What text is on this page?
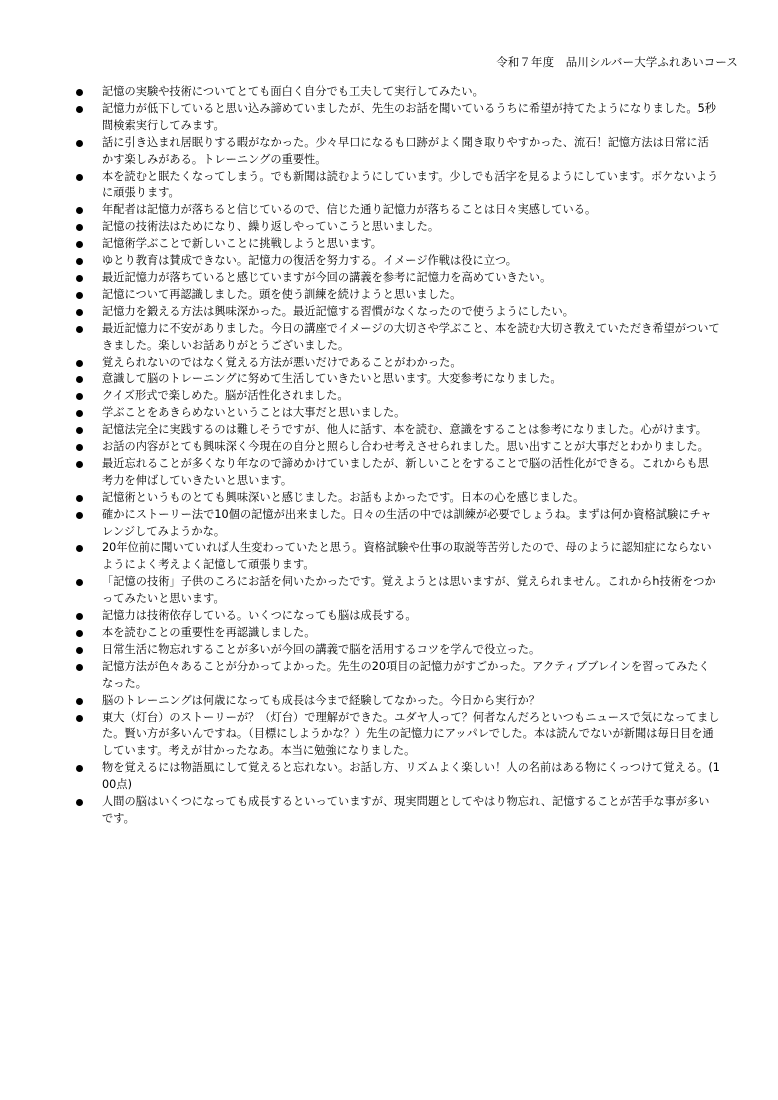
令和７年度　品川シルバー大学ふれあいコース
記憶の実験や技術についてとても面白く自分でも工夫して実行してみたい。
記憶力が低下していると思い込み諦めていましたが、先生のお話を聞いているうちに希望が持てたようになりました。5秒間検索実行してみます。
話に引き込まれ居眠りする暇がなかった。少々早口になるも口跡がよく聞き取りやすかった、流石！記憶方法は日常に活かす楽しみがある。トレーニングの重要性。
本を読むと眠たくなってしまう。でも新聞は読むようにしています。少しでも活字を見るようにしています。ボケないように頑張ります。
年配者は記憶力が落ちると信じているので、信じた通り記憶力が落ちることは日々実感している。
記憶の技術法はためになり、繰り返しやっていこうと思いました。
記憶術学ぶことで新しいことに挑戦しようと思います。
ゆとり教育は賛成できない。記憶力の復活を努力する。イメージ作戦は役に立つ。
最近記憶力が落ちていると感じていますが今回の講義を参考に記憶力を高めていきたい。
記憶について再認識しました。頭を使う訓練を続けようと思いました。
記憶力を鍛える方法は興味深かった。最近記憶する習慣がなくなったので使うようにしたい。
最近記憶力に不安がありました。今日の講座でイメージの大切さや学ぶこと、本を読む大切さ教えていただき希望がついてきました。楽しいお話ありがとうございました。
覚えられないのではなく覚える方法が悪いだけであることがわかった。
意識して脳のトレーニングに努めて生活していきたいと思います。大変参考になりました。
クイズ形式で楽しめた。脳が活性化されました。
学ぶことをあきらめないということは大事だと思いました。
記憶法完全に実践するのは難しそうですが、他人に話す、本を読む、意識をすることは参考になりました。心がけます。
お話の内容がとても興味深く今現在の自分と照らし合わせ考えさせられました。思い出すことが大事だとわかりました。
最近忘れることが多くなり年なので諦めかけていましたが、新しいことをすることで脳の活性化ができる。これからも思考力を伸ばしていきたいと思います。
記憶術というものとても興味深いと感じました。お話もよかったです。日本の心を感じました。
確かにストーリー法で10個の記憶が出来ました。日々の生活の中では訓練が必要でしょうね。まずは何か資格試験にチャレンジしてみようかな。
20年位前に聞いていれば人生変わっていたと思う。資格試験や仕事の取説等苦労したので、母のように認知症にならないようによく考えよく記憶して頑張ります。
「記憶の技術」子供のころにお話を伺いたかったです。覚えようとは思いますが、覚えられません。これからh技術をつかってみたいと思います。
記憶力は技術依存している。いくつになっても脳は成長する。
本を読むことの重要性を再認識しました。
日常生活に物忘れすることが多いが今回の講義で脳を活用するコツを学んで役立った。
記憶方法が色々あることが分かってよかった。先生の20項目の記憶力がすごかった。アクティブブレインを習ってみたくなった。
脳のトレーニングは何歳になっても成長は今まで経験してなかった。今日から実行か？
東大（灯台）のストーリーが？（灯台）で理解ができた。ユダヤ人って？何者なんだろといつもニュースで気になってました。賢い方が多いんですね。（目標にしようかな？）先生の記憶力にアッパレでした。本は読んでないが新聞は毎日目を通しています。考えが甘かったなあ。本当に勉強になりました。
物を覚えるには物語風にして覚えると忘れない。お話し方、リズムよく楽しい！人の名前はある物にくっつけて覚える。(100点)
人間の脳はいくつになっても成長するといっていますが、現実問題としてやはり物忘れ、記憶することが苦手な事が多いです。
